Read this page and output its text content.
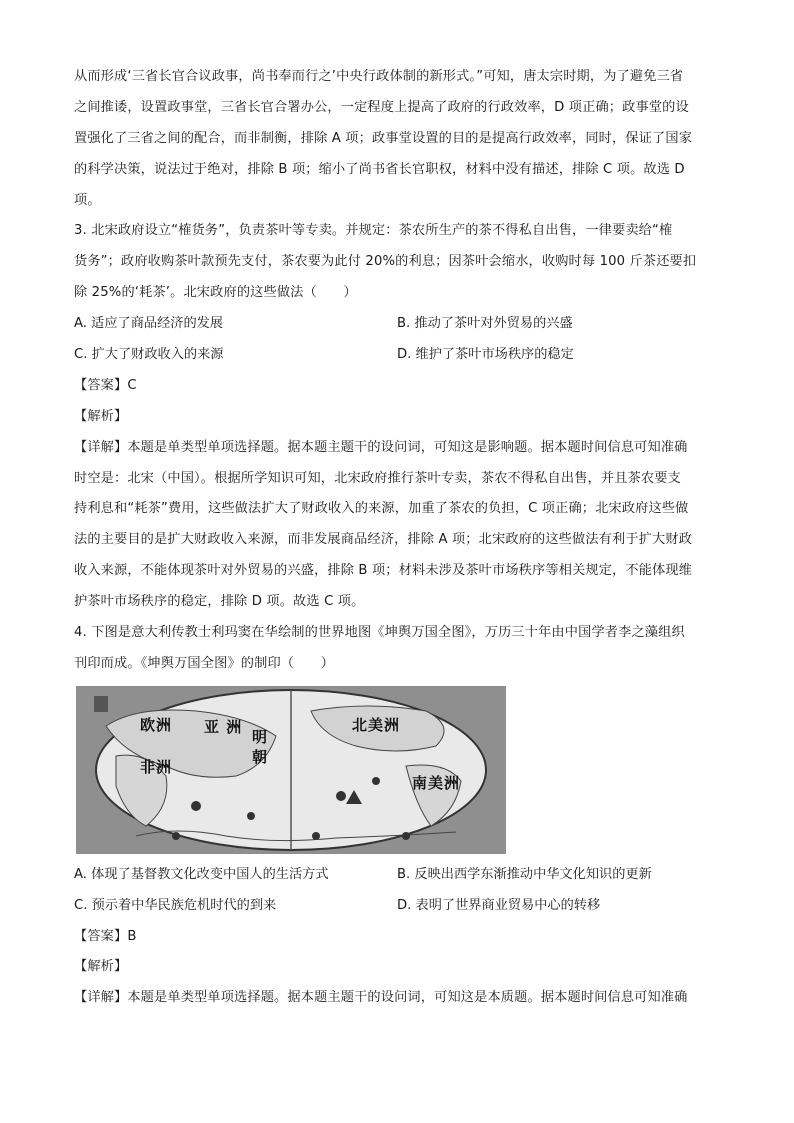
从而形成‘三省长官合议政事，尚书奉而行之’中央行政体制的新形式。”可知，唐太宗时期，为了避免三省
之间推诿，设置政事堂，三省长官合署办公，一定程度上提高了政府的行政效率，D 项正确；政事堂的设
置强化了三省之间的配合，而非制衡，排除 A 项；政事堂设置的目的是提高行政效率，同时，保证了国家
的科学决策，说法过于绝对，排除 B 项；缩小了尚书省长官职权，材料中没有描述，排除 C 项。故选 D
项。
3. 北宋政府设立“榷货务”，负责茶叶等专卖。并规定：茶农所生产的茶不得私自出售，一律要卖给“榷
货务”；政府收购茶叶款预先支付，茶农要为此付 20%的利息；因茶叶会缩水，收购时每 100 斤茶还要扣
除 25%的‘耗茶’。北宋政府的这些做法（　　）
A. 适应了商品经济的发展	B. 推动了茶叶对外贸易的兴盛
C. 扩大了财政收入的来源	D. 维护了茶叶市场秩序的稳定
【答案】C
【解析】
【详解】本题是单类型单项选择题。据本题主题干的设问词，可知这是影响题。据本题时间信息可知准确
时空是：北宋（中国）。根据所学知识可知，北宋政府推行茶叶专卖，茶农不得私自出售，并且茶农要支
持利息和“耗茶”费用，这些做法扩大了财政收入的来源，加重了茶农的负担，C 项正确；北宋政府这些做
法的主要目的是扩大财政收入来源，而非发展商品经济，排除 A 项；北宋政府的这些做法有利于扩大财政
收入来源，不能体现茶叶对外贸易的兴盛，排除 B 项；材料未涉及茶叶市场秩序等相关规定，不能体现维
护茶叶市场秩序的稳定，排除 D 项。故选 C 项。
4. 下图是意大利传教士利玛窦在华绘制的世界地图《坤舆万国全图》，万历三十年由中国学者李之藻组织
刊印而成。《坤舆万国全图》的制印（　　）
欧洲 亚 洲
明
朝
北美洲
非洲
南美洲
A. 体现了基督教文化改变中国人的生活方式	B. 反映出西学东渐推动中华文化知识的更新
C. 预示着中华民族危机时代的到来	D. 表明了世界商业贸易中心的转移
【答案】B
【解析】
【详解】本题是单类型单项选择题。据本题主题干的设问词，可知这是本质题。据本题时间信息可知准确
